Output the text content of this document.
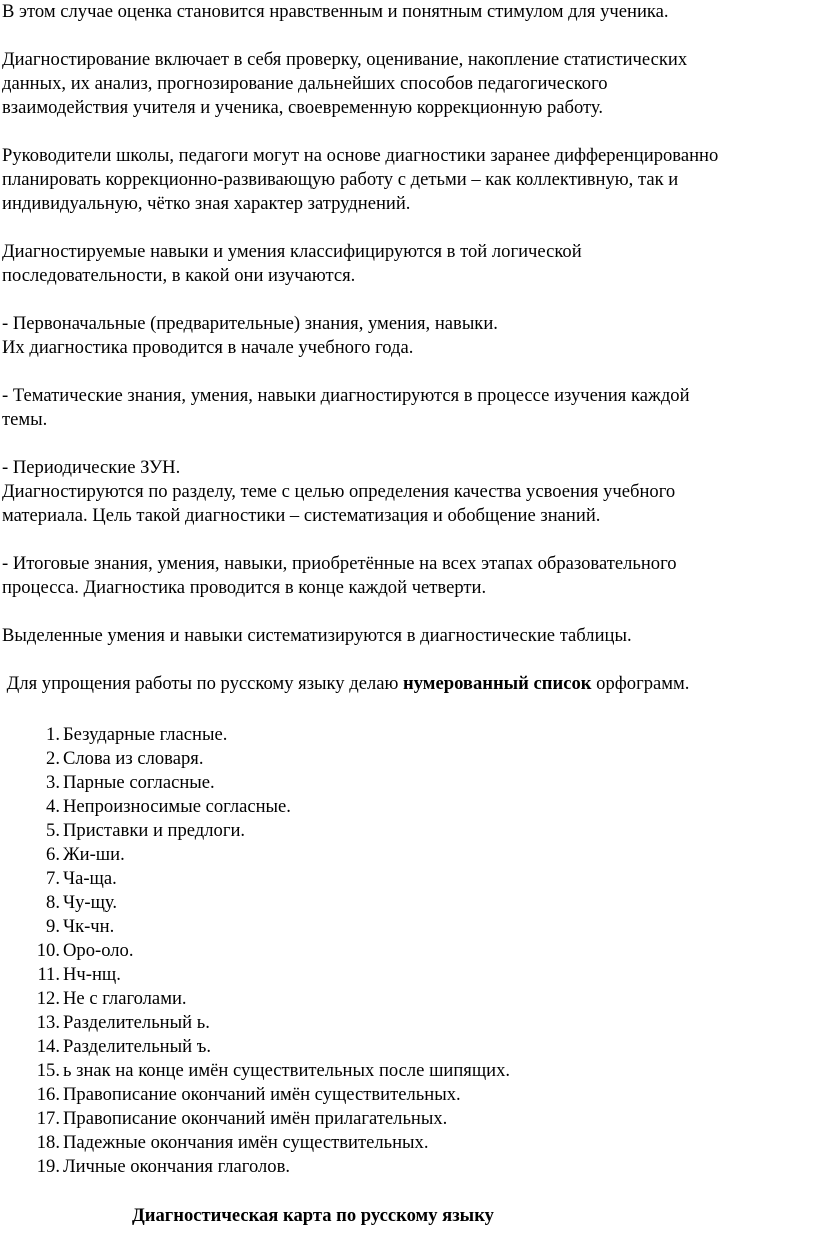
В этом случае оценка становится нравственным и понятным стимулом для ученика.

Диагностирование включает в себя проверку, оценивание, накопление статистических
данных, их анализ, прогнозирование дальнейших способов педагогического
взаимодействия учителя и ученика, своевременную коррекционную работу.

Руководители школы, педагоги могут на основе диагностики заранее дифференцированно
планировать коррекционно-развивающую работу с детьми – как коллективную, так и
индивидуальную, чётко зная характер затруднений.

Диагностируемые навыки и умения классифицируются в той логической
последовательности, в какой они изучаются.

- Первоначальные (предварительные) знания, умения, навыки.
Их диагностика проводится в начале учебного года.

- Тематические знания, умения, навыки диагностируются в процессе изучения каждой
темы.

- Периодические ЗУН.
Диагностируются по разделу, теме с целью определения качества усвоения учебного
материала. Цель такой диагностики – систематизация и обобщение знаний.

- Итоговые знания, умения, навыки, приобретённые на всех этапах образовательного
процесса. Диагностика проводится в конце каждой четверти.

Выделенные умения и навыки систематизируются в диагностические таблицы.

Для упрощения работы по русскому языку делаю нумерованный список орфограмм.

1. Безударные гласные.
2. Слова из словаря.
3. Парные согласные.
4. Непроизносимые согласные.
5. Приставки и предлоги.
6. Жи-ши.
7. Ча-ща.
8. Чу-щу.
9. Чк-чн.
10. Оро-оло.
11. Нч-нщ.
12. Не с глаголами.
13. Разделительный ь.
14. Разделительный ъ.
15. ь знак на конце имён существительных после шипящих.
16. Правописание окончаний имён существительных.
17. Правописание окончаний имён прилагательных.
18. Падежные окончания имён существительных.
19. Личные окончания глаголов.
Диагностическая карта по русскому языку
